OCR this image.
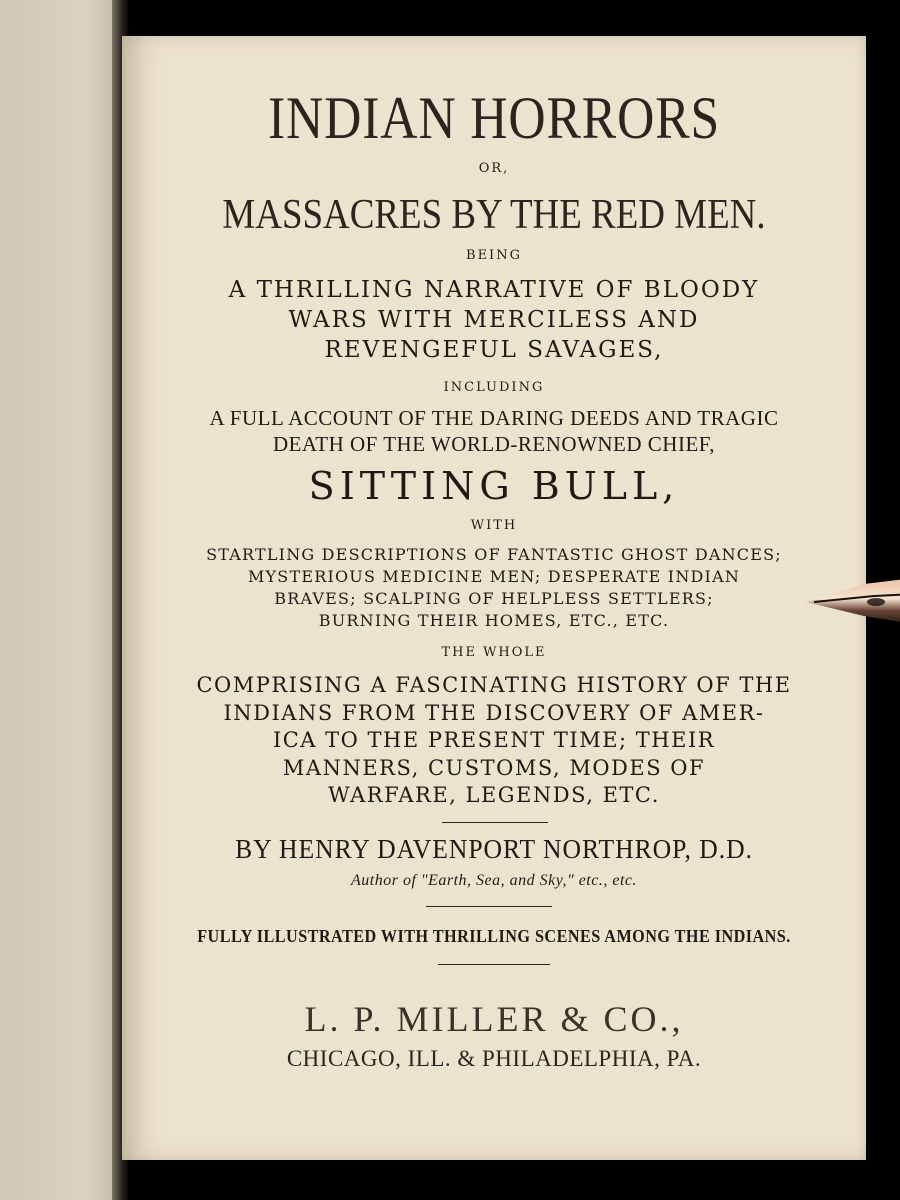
INDIAN HORRORS
OR,
MASSACRES BY THE RED MEN.
BEING
A THRILLING NARRATIVE OF BLOODY
WARS WITH MERCILESS AND
REVENGEFUL SAVAGES,
INCLUDING
A FULL ACCOUNT OF THE DARING DEEDS AND TRAGIC
DEATH OF THE WORLD-RENOWNED CHIEF,
SITTING BULL,
WITH
STARTLING DESCRIPTIONS OF FANTASTIC GHOST DANCES;
MYSTERIOUS MEDICINE MEN; DESPERATE INDIAN
BRAVES; SCALPING OF HELPLESS SETTLERS;
BURNING THEIR HOMES, ETC., ETC.
THE WHOLE
COMPRISING A FASCINATING HISTORY OF THE
INDIANS FROM THE DISCOVERY OF AMER-
ICA TO THE PRESENT TIME; THEIR
MANNERS, CUSTOMS, MODES OF
WARFARE, LEGENDS, ETC.
BY HENRY DAVENPORT NORTHROP, D.D.
Author of "Earth, Sea, and Sky," etc., etc.
FULLY ILLUSTRATED WITH THRILLING SCENES AMONG THE INDIANS.
L. P. MILLER & CO.,
CHICAGO, ILL. & PHILADELPHIA, PA.
